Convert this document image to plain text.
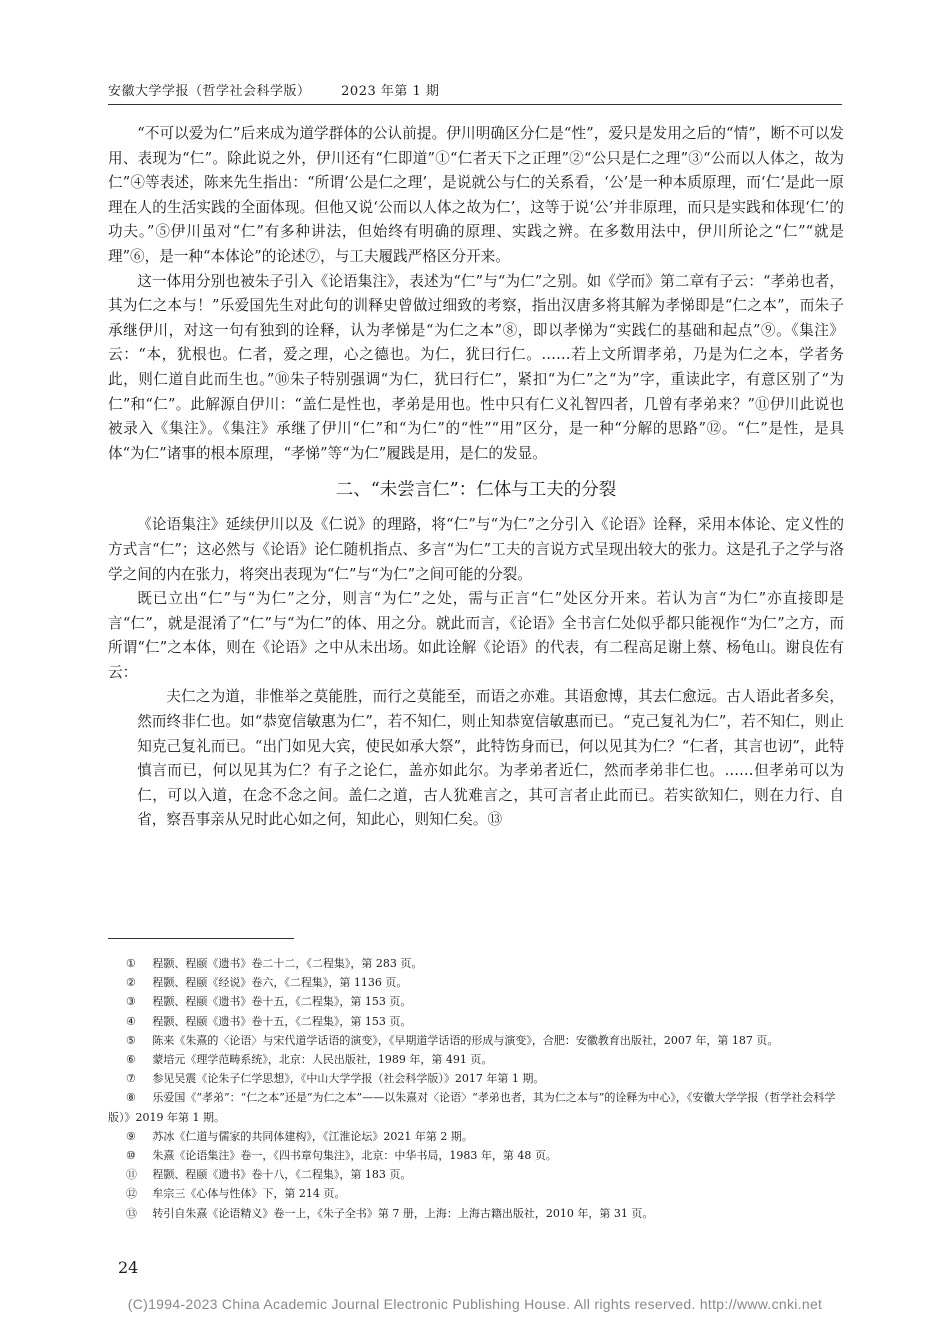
安徽大学学报（哲学社会科学版） 2023 年第 1 期

“不可以爱为仁”后来成为道学群体的公认前提。伊川明确区分仁是“性”，爱只是发用之后的“情”，断不可以发用、表现为“仁”。除此说之外，伊川还有“仁即道”①“仁者天下之正理”②“公只是仁之理”③“公而以人体之，故为仁”④等表述，陈来先生指出：“所谓‘公是仁之理’，是说就公与仁的关系看，‘公’是一种本质原理，而‘仁’是此一原理在人的生活实践的全面体现。但他又说‘公而以人体之故为仁’，这等于说‘公’并非原理，而只是实践和体现‘仁’的功夫。”⑤伊川虽对“仁”有多种讲法，但始终有明确的原理、实践之辨。在多数用法中，伊川所论之“仁”“就是理”⑥，是一种“本体论”的论述⑦，与工夫履践严格区分开来。

这一体用分别也被朱子引入《论语集注》，表述为“仁”与“为仁”之别。如《学而》第二章有子云：“孝弟也者，其为仁之本与！”乐爱国先生对此句的训释史曾做过细致的考察，指出汉唐多将其解为孝悌即是“仁之本”，而朱子承继伊川，对这一句有独到的诠释，认为孝悌是“为仁之本”⑧，即以孝悌为“实践仁的基础和起点”⑨。《集注》云：“本，犹根也。仁者，爱之理，心之德也。为仁，犹曰行仁。……若上文所谓孝弟，乃是为仁之本，学者务此，则仁道自此而生也。”⑩朱子特别强调“为仁，犹曰行仁”，紧扣“为仁”之“为”字，重读此字，有意区别了“为仁”和“仁”。此解源自伊川：“盖仁是性也，孝弟是用也。性中只有仁义礼智四者，几曾有孝弟来？”⑪伊川此说也被录入《集注》。《集注》承继了伊川“仁”和“为仁”的“性”“用”区分，是一种“分解的思路”⑫。“仁”是性，是具体“为仁”诸事的根本原理，“孝悌”等“为仁”履践是用，是仁的发显。

二、“未尝言仁”：仁体与工夫的分裂

《论语集注》延续伊川以及《仁说》的理路，将“仁”与“为仁”之分引入《论语》诠释，采用本体论、定义性的方式言“仁”；这必然与《论语》论仁随机指点、多言“为仁”工夫的言说方式呈现出较大的张力。这是孔子之学与洛学之间的内在张力，将突出表现为“仁”与“为仁”之间可能的分裂。

既已立出“仁”与“为仁”之分，则言“为仁”之处，需与正言“仁”处区分开来。若认为言“为仁”亦直接即是言“仁”，就是混淆了“仁”与“为仁”的体、用之分。就此而言，《论语》全书言仁处似乎都只能视作“为仁”之方，而所谓“仁”之本体，则在《论语》之中从未出场。如此诠解《论语》的代表，有二程高足谢上蔡、杨龟山。谢良佐有云：

夫仁之为道，非惟举之莫能胜，而行之莫能至，而语之亦难。其语愈博，其去仁愈远。古人语此者多矣，然而终非仁也。如“恭宽信敏惠为仁”，若不知仁，则止知恭宽信敏惠而已。“克己复礼为仁”，若不知仁，则止知克己复礼而已。“出门如见大宾，使民如承大祭”，此特饬身而已，何以见其为仁？“仁者，其言也讱”，此特慎言而已，何以见其为仁？有子之论仁，盖亦如此尔。为孝弟者近仁，然而孝弟非仁也。……但孝弟可以为仁，可以入道，在念不念之间。盖仁之道，古人犹难言之，其可言者止此而已。若实欲知仁，则在力行、自省，察吾事亲从兄时此心如之何，知此心，则知仁矣。⑬

① 程颢、程颐《遗书》卷二十二，《二程集》，第 283 页。

② 程颢、程颐《经说》卷六，《二程集》，第 1136 页。

③ 程颢、程颐《遗书》卷十五，《二程集》，第 153 页。

④ 程颢、程颐《遗书》卷十五，《二程集》，第 153 页。

⑤ 陈来《朱熹的〈论语〉与宋代道学话语的演变》，《早期道学话语的形成与演变》，合肥：安徽教育出版社，2007 年，第 187 页。

⑥ 蒙培元《理学范畴系统》，北京：人民出版社，1989 年，第 491 页。

⑦ 参见吴震《论朱子仁学思想》，《中山大学学报（社会科学版）》2017 年第 1 期。

⑧ 乐爱国《“孝弟”：“仁之本”还是“为仁之本”——以朱熹对〈论语〉“孝弟也者，其为仁之本与”的诠释为中心》，《安徽大学学报（哲学社会科学版）》2019 年第 1 期。

⑨ 苏冰《仁道与儒家的共同体建构》，《江淮论坛》2021 年第 2 期。

⑩ 朱熹《论语集注》卷一，《四书章句集注》，北京：中华书局，1983 年，第 48 页。

⑪ 程颢、程颐《遗书》卷十八，《二程集》，第 183 页。

⑫ 牟宗三《心体与性体》下，第 214 页。

⑬ 转引自朱熹《论语精义》卷一上，《朱子全书》第 7 册，上海：上海古籍出版社，2010 年，第 31 页。

24
(C)1994-2023 China Academic Journal Electronic Publishing House. All rights reserved. http://www.cnki.net
